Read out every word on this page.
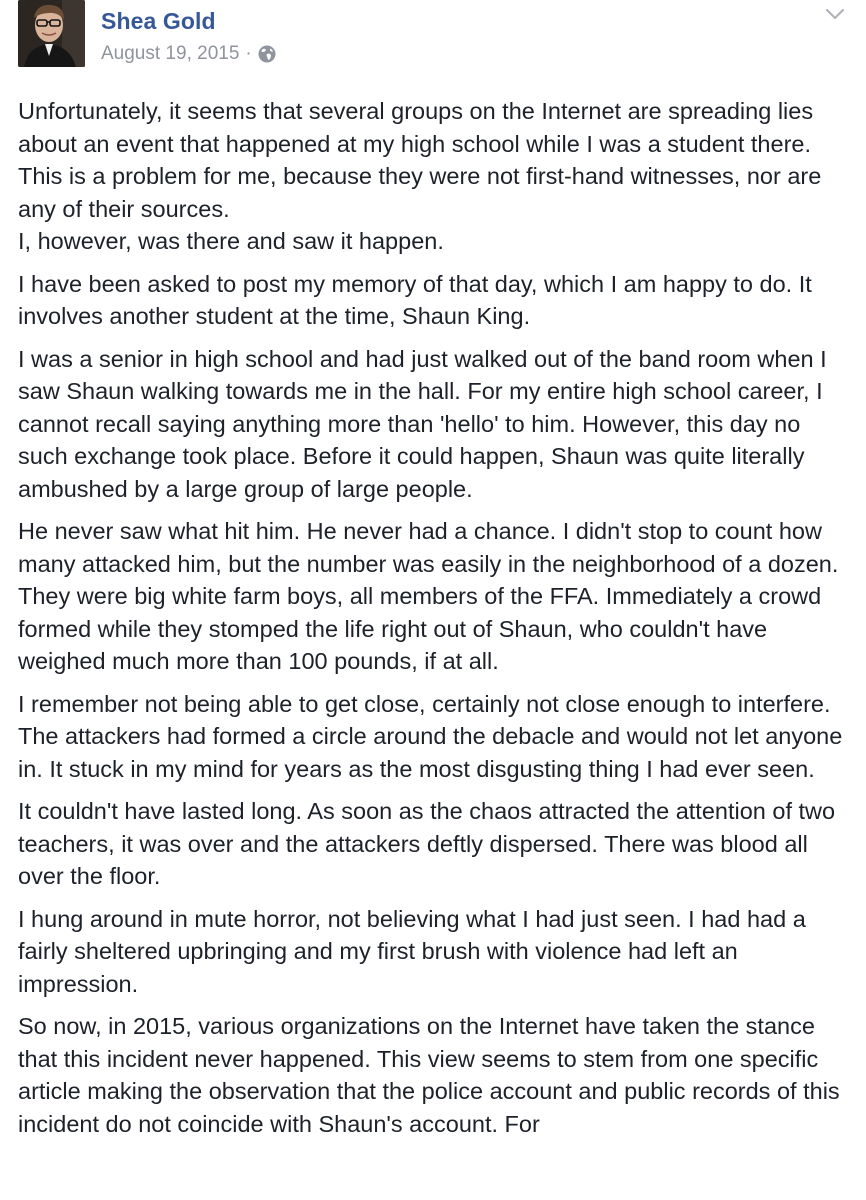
Shea Gold
August 19, 2015 ·

Unfortunately, it seems that several groups on the Internet are spreading lies about an event that happened at my high school while I was a student there. This is a problem for me, because they were not first-hand witnesses, nor are any of their sources.
I, however, was there and saw it happen.

I have been asked to post my memory of that day, which I am happy to do. It involves another student at the time, Shaun King.

I was a senior in high school and had just walked out of the band room when I saw Shaun walking towards me in the hall. For my entire high school career, I cannot recall saying anything more than 'hello' to him. However, this day no such exchange took place. Before it could happen, Shaun was quite literally ambushed by a large group of large people.

He never saw what hit him. He never had a chance. I didn't stop to count how many attacked him, but the number was easily in the neighborhood of a dozen. They were big white farm boys, all members of the FFA. Immediately a crowd formed while they stomped the life right out of Shaun, who couldn't have weighed much more than 100 pounds, if at all.

I remember not being able to get close, certainly not close enough to interfere. The attackers had formed a circle around the debacle and would not let anyone in. It stuck in my mind for years as the most disgusting thing I had ever seen.

It couldn't have lasted long. As soon as the chaos attracted the attention of two teachers, it was over and the attackers deftly dispersed. There was blood all over the floor.

I hung around in mute horror, not believing what I had just seen. I had had a fairly sheltered upbringing and my first brush with violence had left an impression.

So now, in 2015, various organizations on the Internet have taken the stance that this incident never happened. This view seems to stem from one specific article making the observation that the police account and public records of this incident do not coincide with Shaun's account. For
